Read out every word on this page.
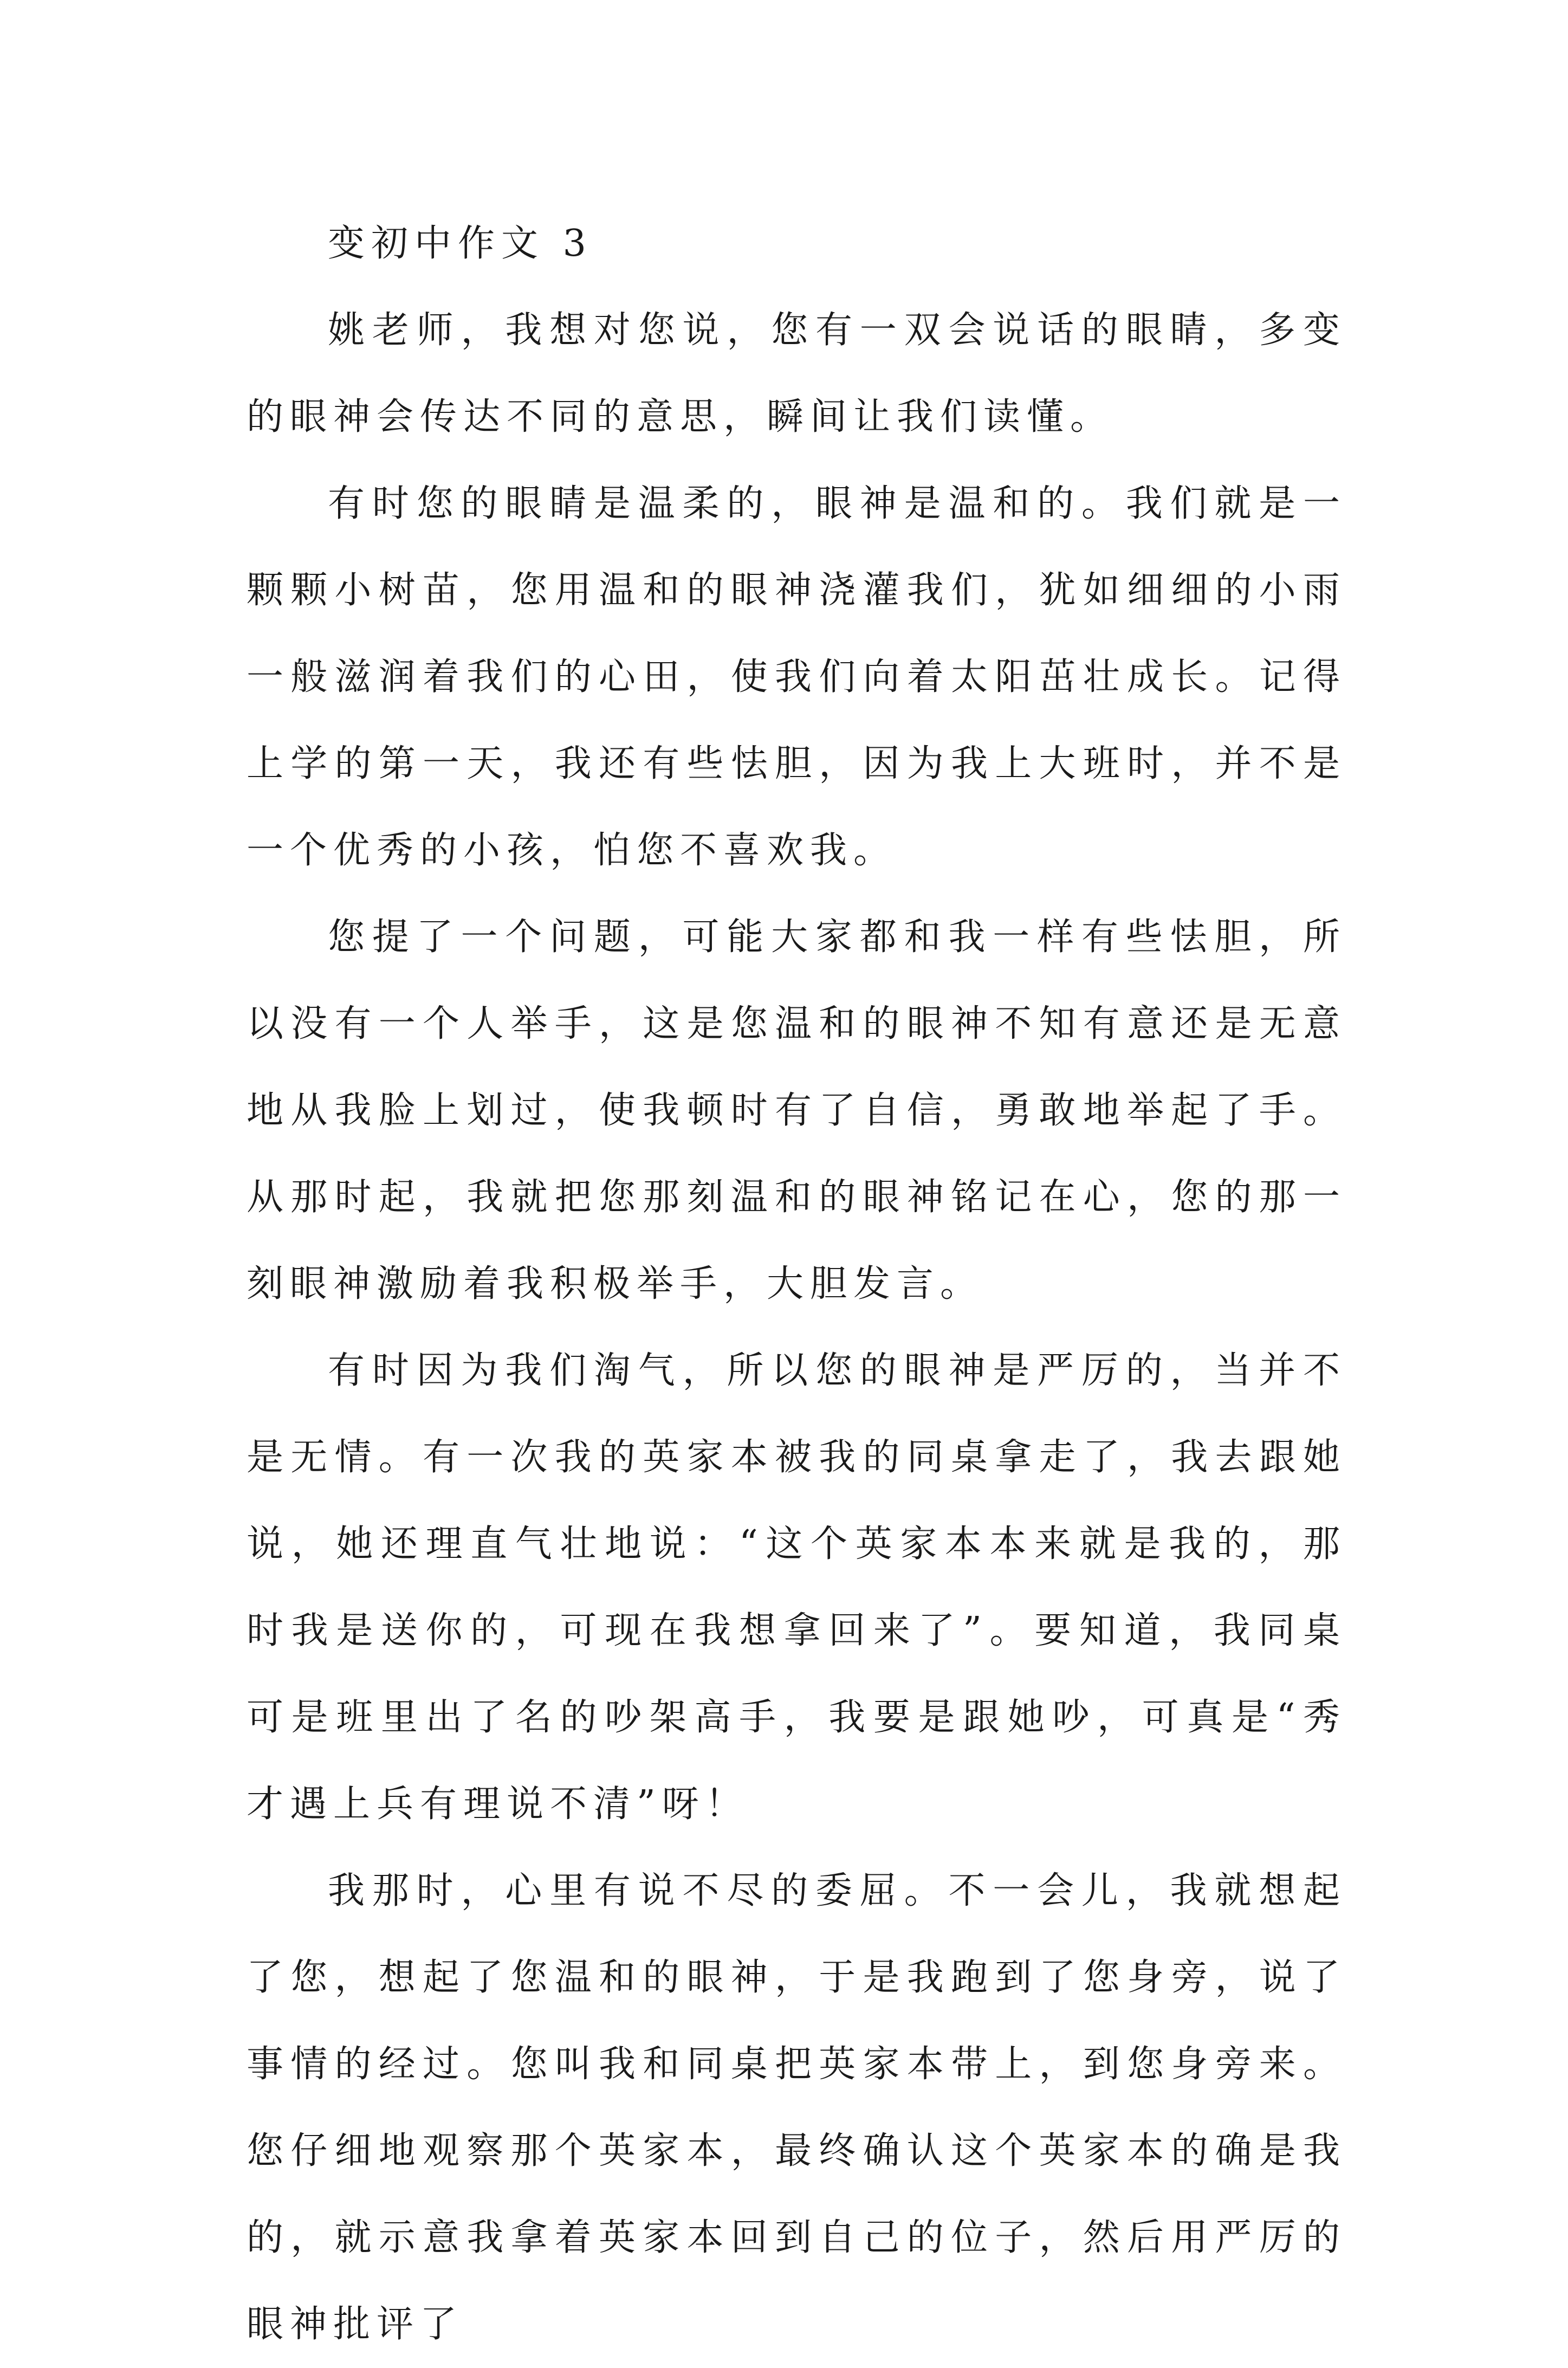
变初中作文 3

姚老师，我想对您说，您有一双会说话的眼睛，多变的眼神会传达不同的意思，瞬间让我们读懂。

有时您的眼睛是温柔的，眼神是温和的。我们就是一颗颗小树苗，您用温和的眼神浇灌我们，犹如细细的小雨一般滋润着我们的心田，使我们向着太阳茁壮成长。记得上学的第一天，我还有些怯胆，因为我上大班时，并不是一个优秀的小孩，怕您不喜欢我。

您提了一个问题，可能大家都和我一样有些怯胆，所以没有一个人举手，这是您温和的眼神不知有意还是无意地从我脸上划过，使我顿时有了自信，勇敢地举起了手。从那时起，我就把您那刻温和的眼神铭记在心，您的那一刻眼神激励着我积极举手，大胆发言。

有时因为我们淘气，所以您的眼神是严厉的，当并不是无情。有一次我的英家本被我的同桌拿走了，我去跟她说，她还理直气壮地说：“这个英家本本来就是我的，那时我是送你的，可现在我想拿回来了”。要知道，我同桌可是班里出了名的吵架高手，我要是跟她吵，可真是“秀才遇上兵有理说不清”呀！

我那时，心里有说不尽的委屈。不一会儿，我就想起了您，想起了您温和的眼神，于是我跑到了您身旁，说了事情的经过。您叫我和同桌把英家本带上，到您身旁来。您仔细地观察那个英家本，最终确认这个英家本的确是我的，就示意我拿着英家本回到自己的位子，然后用严厉的眼神批评了
